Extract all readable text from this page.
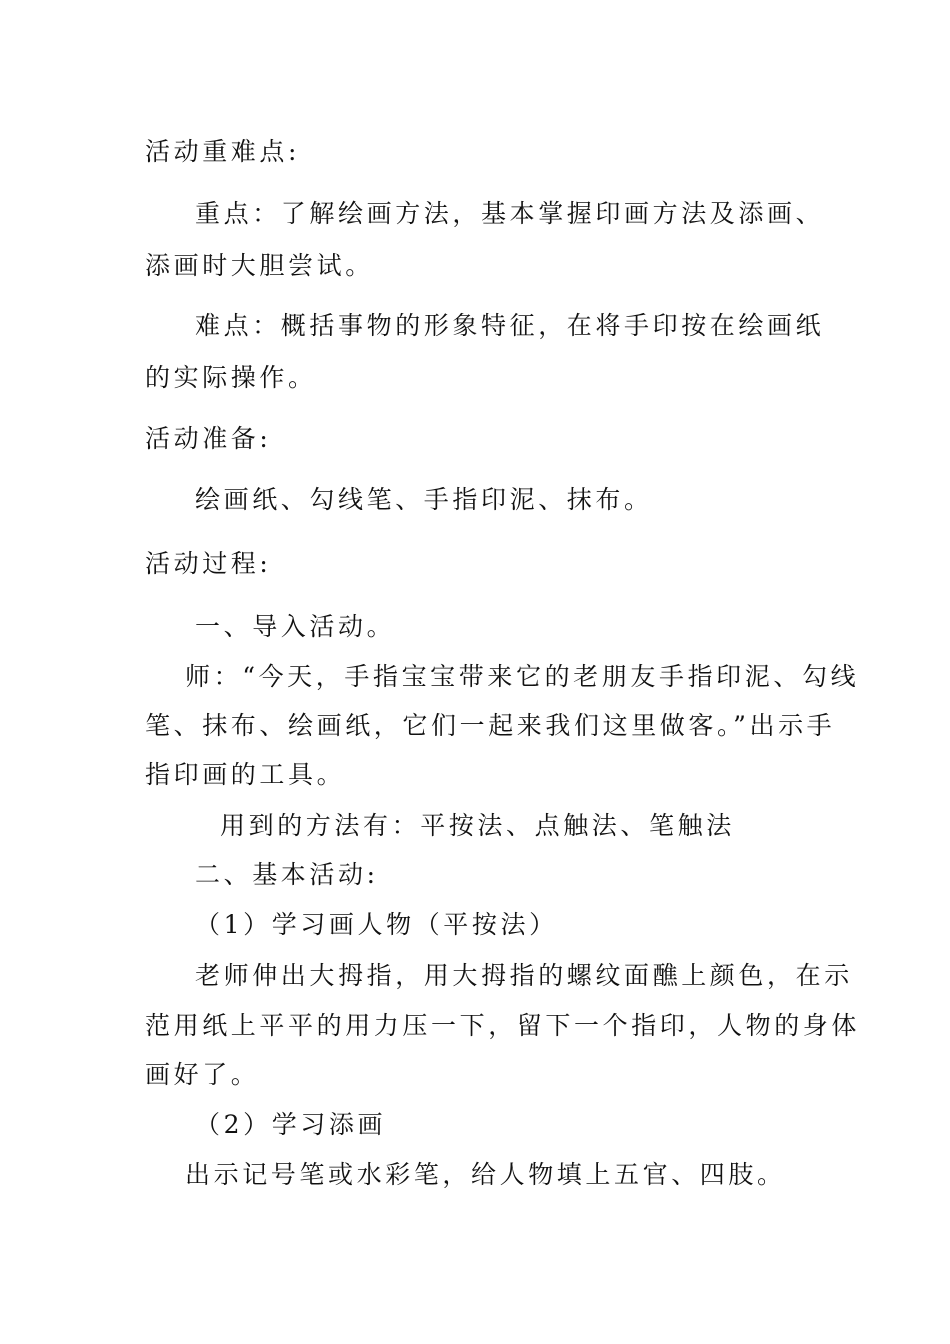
活动重难点:
重点：了解绘画方法，基本掌握印画方法及添画、
添画时大胆尝试。
难点：概括事物的形象特征，在将手印按在绘画纸
的实际操作。
活动准备:
绘画纸、勾线笔、手指印泥、抹布。
活动过程:
一、导入活动。
师：“今天，手指宝宝带来它的老朋友手指印泥、勾线
笔、抹布、绘画纸，它们一起来我们这里做客。”出示手
指印画的工具。
用到的方法有：平按法、点触法、笔触法
二、基本活动:
（1）学习画人物（平按法）
老师伸出大拇指，用大拇指的螺纹面醮上颜色，在示
范用纸上平平的用力压一下，留下一个指印，人物的身体
画好了。
（2）学习添画
出示记号笔或水彩笔，给人物填上五官、四肢。
